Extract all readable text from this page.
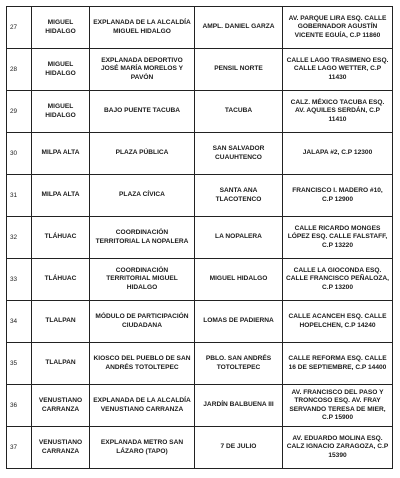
27	MIGUEL HIDALGO	EXPLANADA DE LA ALCALDÍA MIGUEL HIDALGO	AMPL. DANIEL GARZA	AV. PARQUE LIRA ESQ. CALLE GOBERNADOR AGUSTÍN VICENTE EGUÍA, C.P 11860
28	MIGUEL HIDALGO	EXPLANADA DEPORTIVO JOSÉ MARÍA MORELOS Y PAVÓN	PENSIL NORTE	CALLE LAGO TRASIMENO ESQ. CALLE LAGO WETTER, C.P 11430
29	MIGUEL HIDALGO	BAJO PUENTE TACUBA	TACUBA	CALZ. MÉXICO TACUBA ESQ. AV. AQUILES SERDÁN, C.P 11410
30	MILPA ALTA	PLAZA PÚBLICA	SAN SALVADOR CUAUHTENCO	JALAPA #2, C.P 12300
31	MILPA ALTA	PLAZA CÍVICA	SANTA ANA TLACOTENCO	FRANCISCO I. MADERO #10, C.P 12900
32	TLÁHUAC	COORDINACIÓN TERRITORIAL LA NOPALERA	LA NOPALERA	CALLE RICARDO MONGES LÓPEZ ESQ. CALLE FALSTAFF, C.P 13220
33	TLÁHUAC	COORDINACIÓN TERRITORIAL MIGUEL HIDALGO	MIGUEL HIDALGO	CALLE LA GIOCONDA ESQ. CALLE FRANCISCO PEÑALOZA, C.P 13200
34	TLALPAN	MÓDULO DE PARTICIPACIÓN CIUDADANA	LOMAS DE PADIERNA	CALLE ACANCEH ESQ. CALLE HOPELCHEN, C.P 14240
35	TLALPAN	KIOSCO DEL PUEBLO DE SAN ANDRÉS TOTOLTEPEC	PBLO. SAN ANDRÉS TOTOLTEPEC	CALLE REFORMA ESQ. CALLE 16 DE SEPTIEMBRE, C.P 14400
36	VENUSTIANO CARRANZA	EXPLANADA DE LA ALCALDÍA VENUSTIANO CARRANZA	JARDÍN BALBUENA III	AV. FRANCISCO DEL PASO Y TRONCOSO ESQ. AV. FRAY SERVANDO TERESA DE MIER, C.P 15900
37	VENUSTIANO CARRANZA	EXPLANADA METRO SAN LÁZARO (TAPO)	7 DE JULIO	AV. EDUARDO MOLINA ESQ. CALZ IGNACIO ZARAGOZA, C.P 15390
